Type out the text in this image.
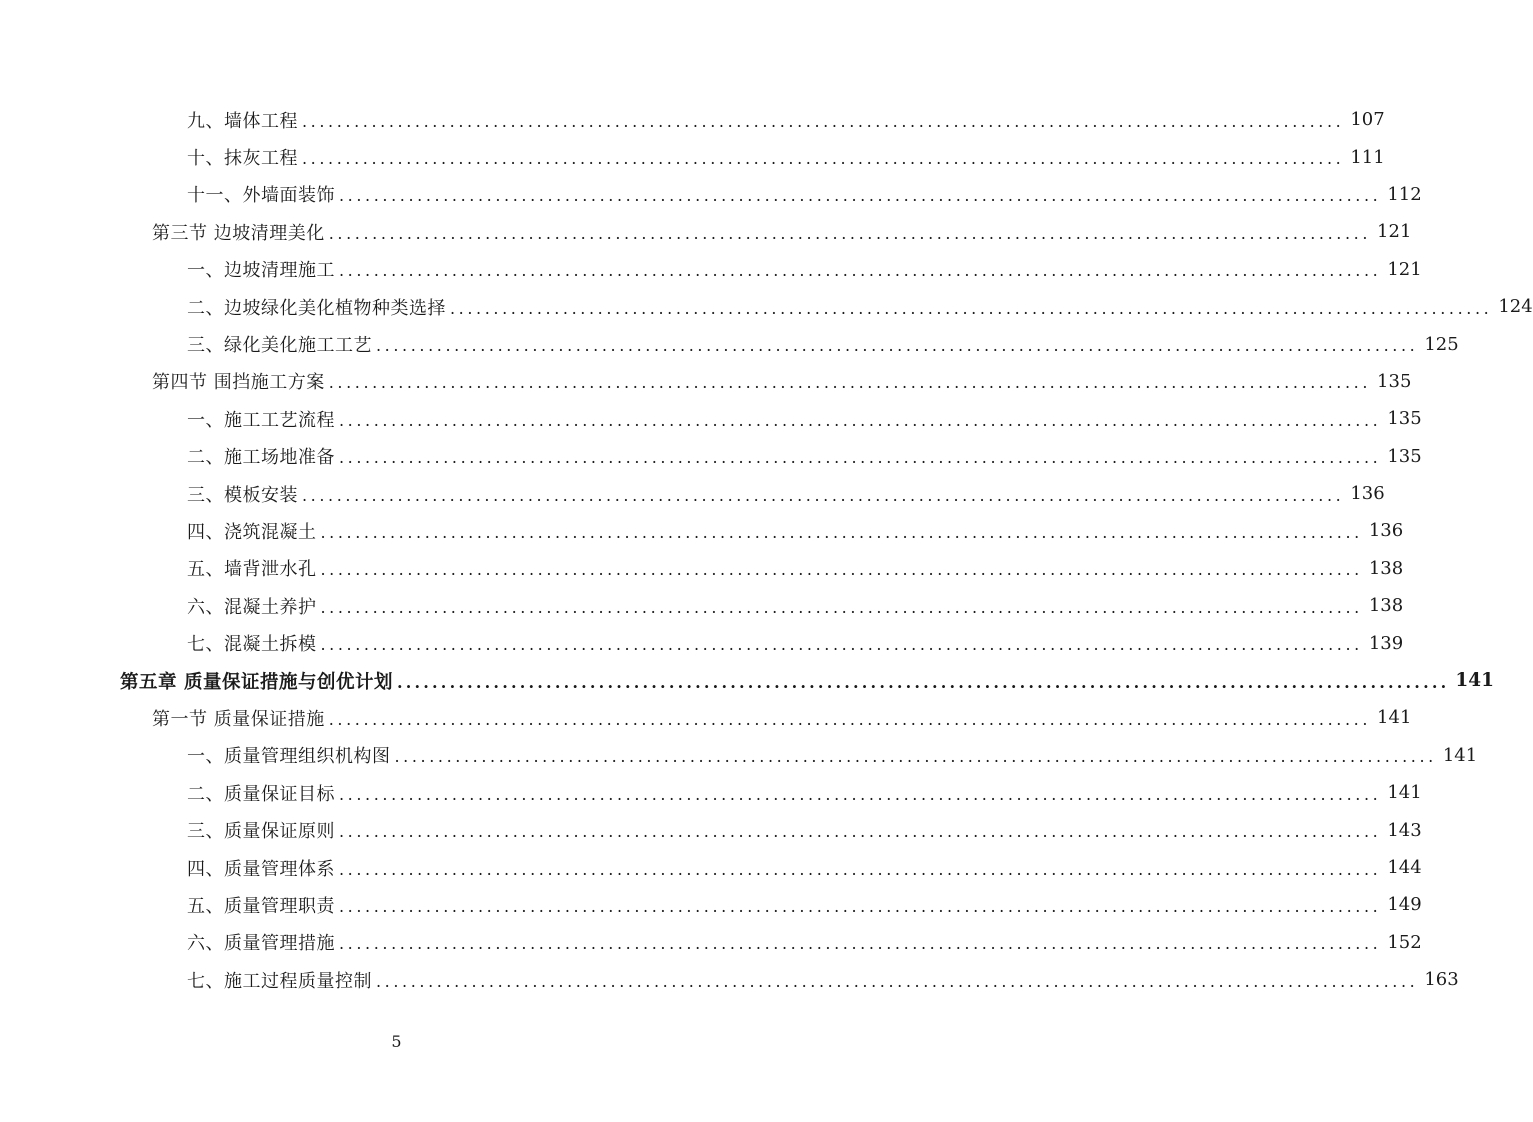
九、墙体工程 ........................................................................................................................ 107
十、抹灰工程 ........................................................................................................................ 111
十一、外墙面装饰 ........................................................................................................................ 112
第三节 边坡清理美化 ........................................................................................................................ 121
一、边坡清理施工 ........................................................................................................................ 121
二、边坡绿化美化植物种类选择 ........................................................................................................................ 124
三、绿化美化施工工艺 ........................................................................................................................ 125
第四节 围挡施工方案 ........................................................................................................................ 135
一、施工工艺流程 ........................................................................................................................ 135
二、施工场地准备 ........................................................................................................................ 135
三、模板安装 ........................................................................................................................ 136
四、浇筑混凝土 ........................................................................................................................ 136
五、墙背泄水孔 ........................................................................................................................ 138
六、混凝土养护 ........................................................................................................................ 138
七、混凝土拆模 ........................................................................................................................ 139
第五章 质量保证措施与创优计划 ........................................................................................................................ 141
第一节 质量保证措施 ........................................................................................................................ 141
一、质量管理组织机构图 ........................................................................................................................ 141
二、质量保证目标 ........................................................................................................................ 141
三、质量保证原则 ........................................................................................................................ 143
四、质量管理体系 ........................................................................................................................ 144
五、质量管理职责 ........................................................................................................................ 149
六、质量管理措施 ........................................................................................................................ 152
七、施工过程质量控制 ........................................................................................................................ 163
5
